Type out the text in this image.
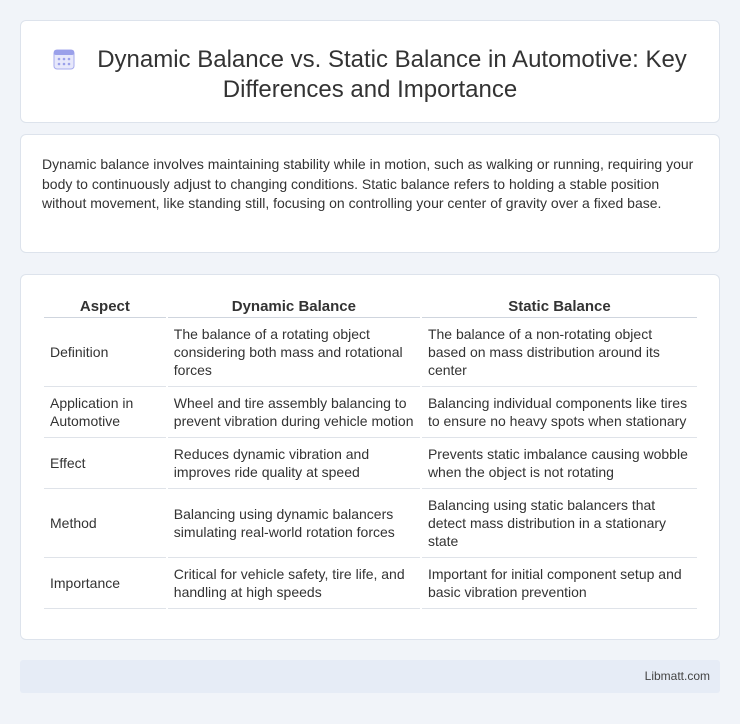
Dynamic Balance vs. Static Balance in Automotive: Key
Differences and Importance

Dynamic balance involves maintaining stability while in motion, such as walking or running, requiring your body to continuously adjust to changing conditions. Static balance refers to holding a stable position without movement, like standing still, focusing on controlling your center of gravity over a fixed base.

Aspect	Dynamic Balance	Static Balance
Definition	The balance of a rotating object considering both mass and rotational forces	The balance of a non-rotating object based on mass distribution around its center
Application in Automotive	Wheel and tire assembly balancing to prevent vibration during vehicle motion	Balancing individual components like tires to ensure no heavy spots when stationary
Effect	Reduces dynamic vibration and improves ride quality at speed	Prevents static imbalance causing wobble when the object is not rotating
Method	Balancing using dynamic balancers simulating real-world rotation forces	Balancing using static balancers that detect mass distribution in a stationary state
Importance	Critical for vehicle safety, tire life, and handling at high speeds	Important for initial component setup and basic vibration prevention
Libmatt.com
